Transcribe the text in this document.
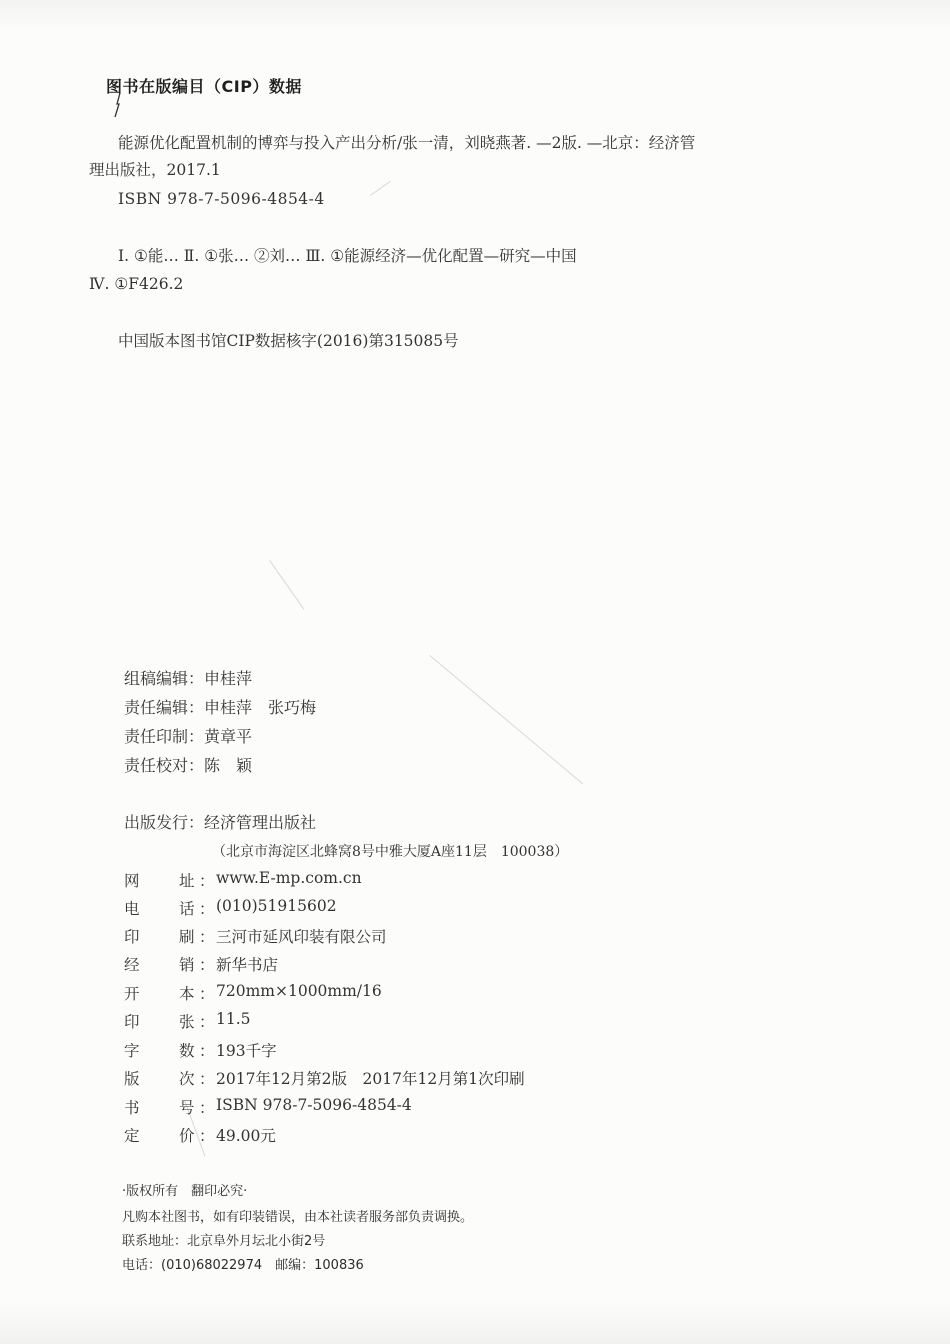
图书在版编目（CIP）数据
能源优化配置机制的博弈与投入产出分析/张一清，刘晓燕著. —2版. —北京：经济管
理出版社，2017.1
ISBN 978-7-5096-4854-4
Ⅰ. ①能… Ⅱ. ①张… ②刘… Ⅲ. ①能源经济—优化配置—研究—中国
Ⅳ. ①F426.2
中国版本图书馆CIP数据核字(2016)第315085号
组稿编辑：申桂萍
责任编辑：申桂萍　张巧梅
责任印制：黄章平
责任校对：陈　颖
出版发行：经济管理出版社
（北京市海淀区北蜂窝8号中雅大厦A座11层　100038）
网	址 ： www.E-mp.com.cn
电	话 ： (010)51915602
印	刷 ： 三河市延风印装有限公司
经	销 ： 新华书店
开	本 ： 720mm×1000mm/16
印	张 ： 11.5
字	数 ： 193千字
版	次 ： 2017年12月第2版　2017年12月第1次印刷
书	号 ： ISBN 978-7-5096-4854-4
定	价 ： 49.00元
·版权所有　翻印必究·
凡购本社图书，如有印装错误，由本社读者服务部负责调换。
联系地址：北京阜外月坛北小街2号
电话：(010)68022974　邮编：100836
